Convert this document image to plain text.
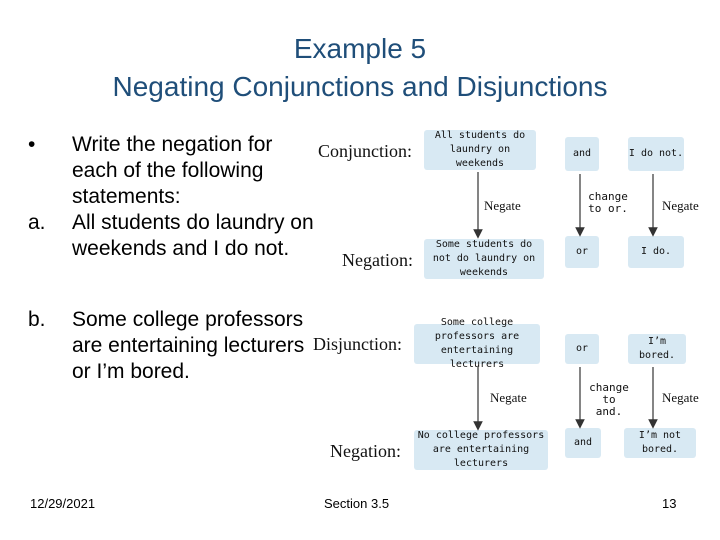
Example 5
Negating Conjunctions and Disjunctions
•	Write the negation for each of the following statements:
a.	All students do laundry on weekends and I do not.
b.	Some college professors are entertaining lecturers or I’m bored.
Conjunction:
All students do laundry on weekends
and	I do not.
Negate
change to or.	Negate
Negation:
Some students do not do laundry on weekends
or	I do.
Disjunction:
Some college professors are entertaining lecturers
or
I’m bored.
Negate
change to and.
Negate
Negation:
No college professors are entertaining lecturers
and
I’m not bored.
12/29/2021	Section 3.5	13
